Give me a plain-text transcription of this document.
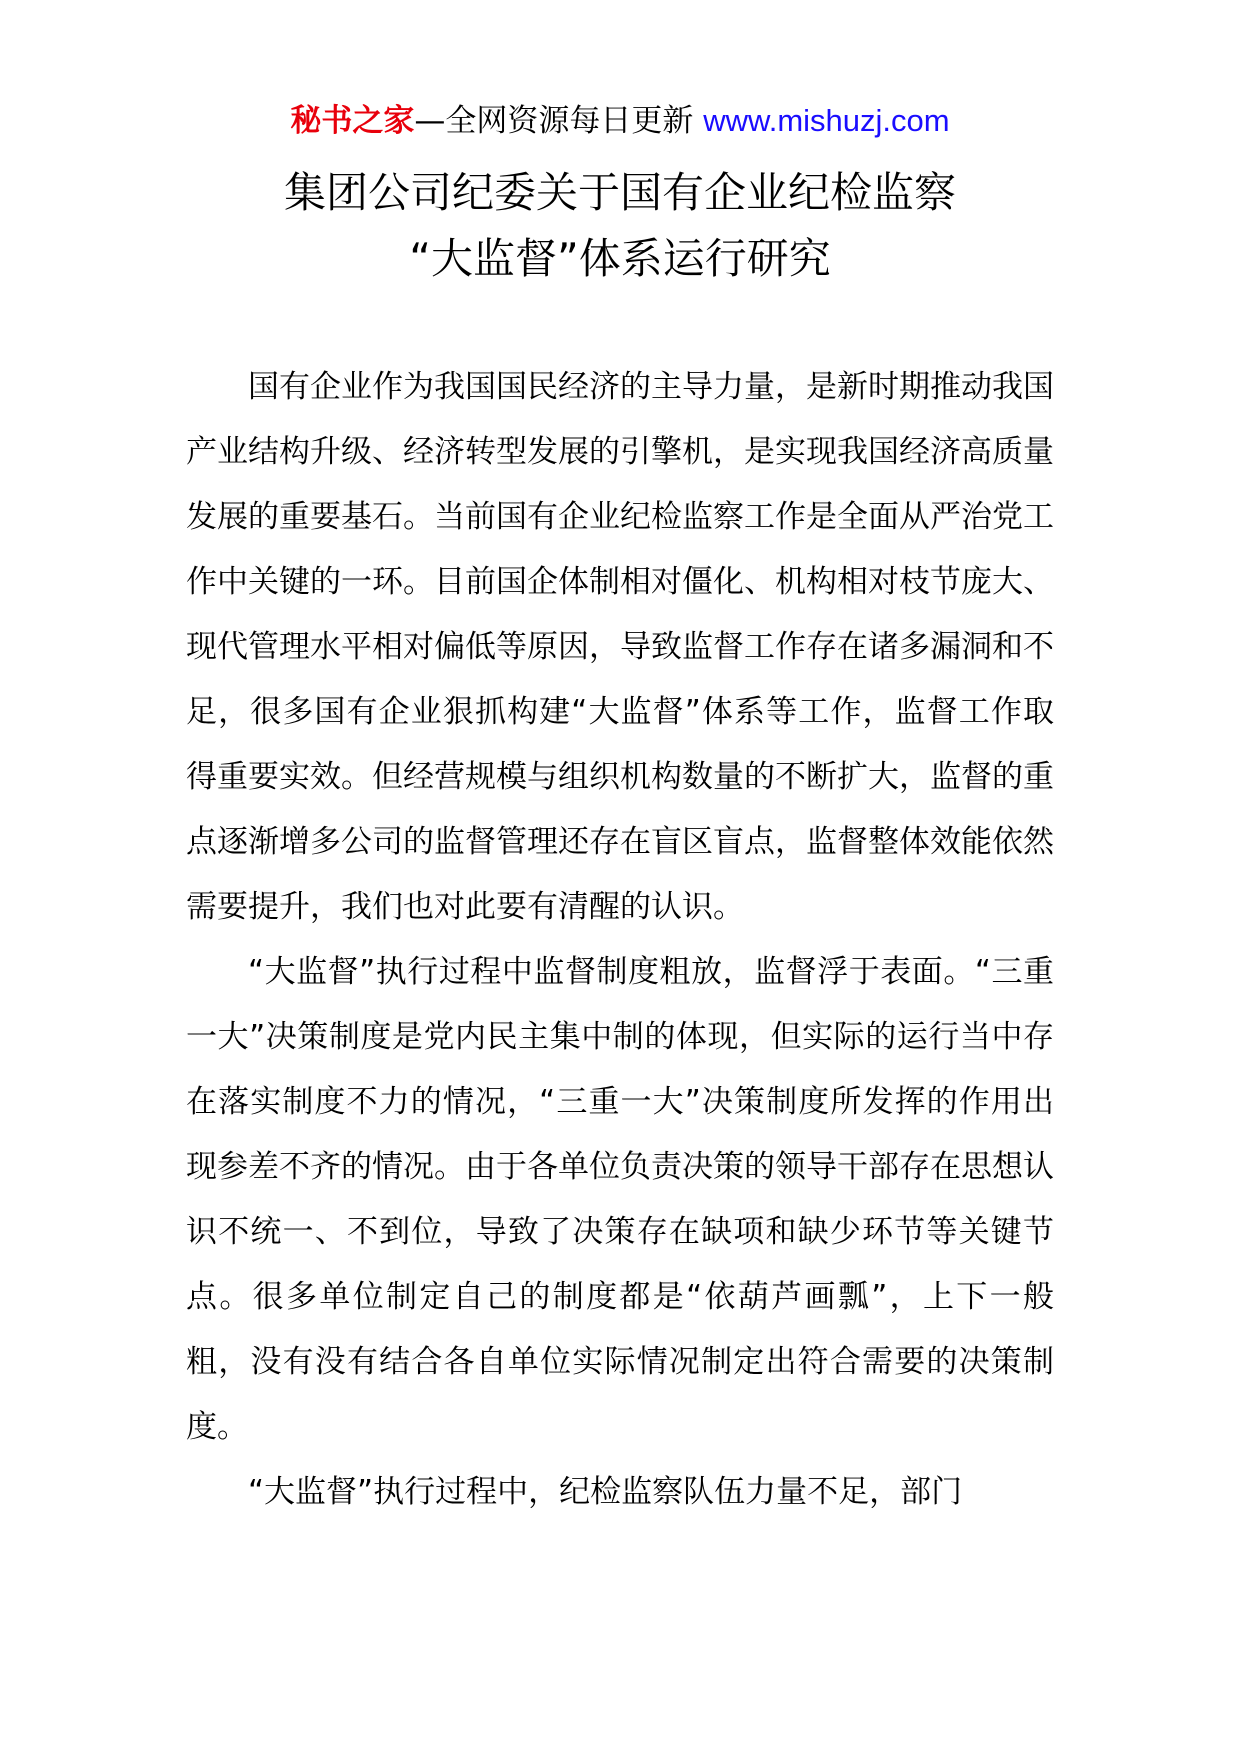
秘书之家—全网资源每日更新 www.mishuzj.com
集团公司纪委关于国有企业纪检监察
“大监督”体系运行研究

国有企业作为我国国民经济的主导力量，是新时期推动我国产业结构升级、经济转型发展的引擎机，是实现我国经济高质量发展的重要基石。当前国有企业纪检监察工作是全面从严治党工作中关键的一环。目前国企体制相对僵化、机构相对枝节庞大、现代管理水平相对偏低等原因，导致监督工作存在诸多漏洞和不足，很多国有企业狠抓构建“大监督”体系等工作，监督工作取得重要实效。但经营规模与组织机构数量的不断扩大，监督的重点逐渐增多公司的监督管理还存在盲区盲点，监督整体效能依然需要提升，我们也对此要有清醒的认识。

“大监督”执行过程中监督制度粗放，监督浮于表面。“三重一大”决策制度是党内民主集中制的体现，但实际的运行当中存在落实制度不力的情况，“三重一大”决策制度所发挥的作用出现参差不齐的情况。由于各单位负责决策的领导干部存在思想认识不统一、不到位，导致了决策存在缺项和缺少环节等关键节点。很多单位制定自己的制度都是“依葫芦画瓢”，上下一般粗，没有没有结合各自单位实际情况制定出符合需要的决策制度。

“大监督”执行过程中，纪检监察队伍力量不足，部门
